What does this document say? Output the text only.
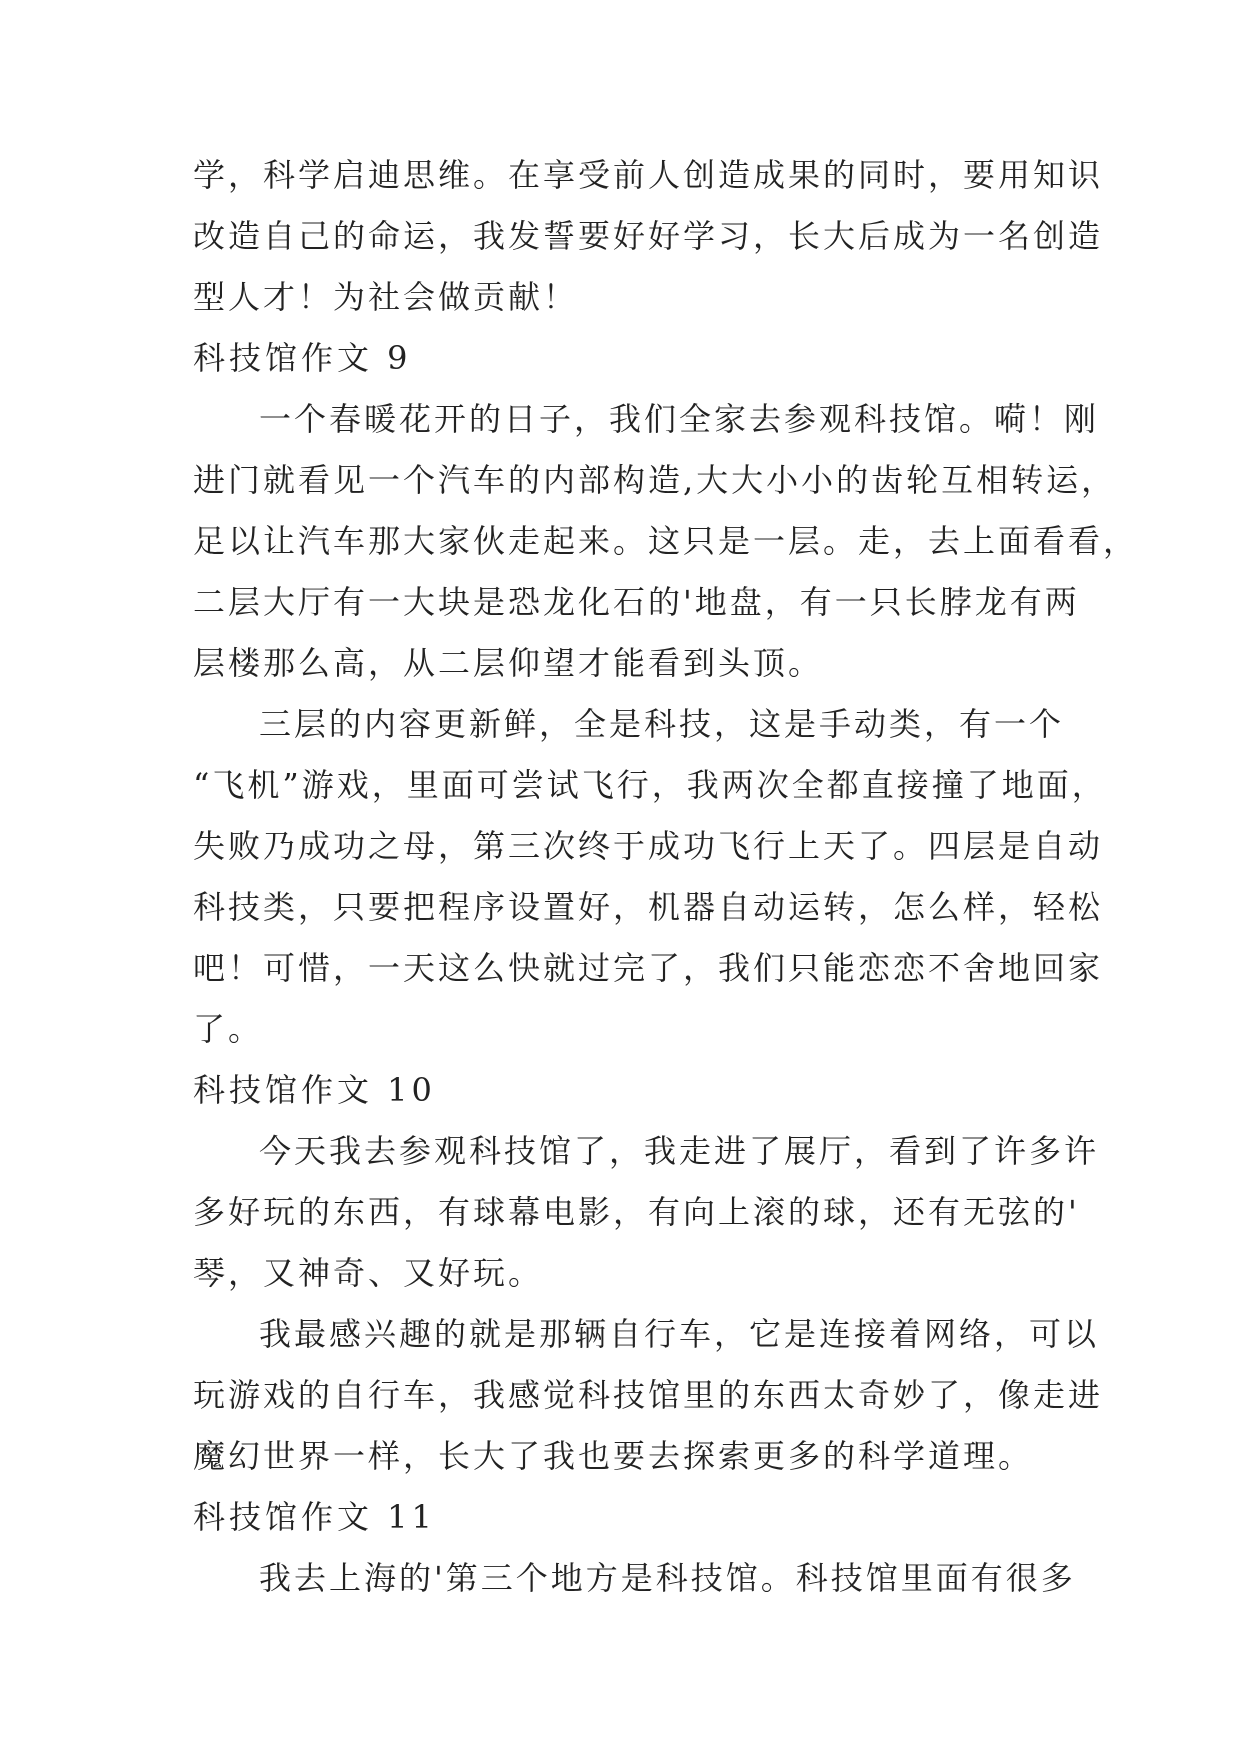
学，科学启迪思维。在享受前人创造成果的同时，要用知识
改造自己的命运，我发誓要好好学习，长大后成为一名创造
型人才！为社会做贡献！
科技馆作文 9
一个春暖花开的日子，我们全家去参观科技馆。嗬！刚
进门就看见一个汽车的内部构造,大大小小的齿轮互相转运，
足以让汽车那大家伙走起来。这只是一层。走，去上面看看，
二层大厅有一大块是恐龙化石的'地盘，有一只长脖龙有两
层楼那么高，从二层仰望才能看到头顶。
三层的内容更新鲜，全是科技，这是手动类，有一个
“飞机”游戏，里面可尝试飞行，我两次全都直接撞了地面，
失败乃成功之母，第三次终于成功飞行上天了。四层是自动
科技类，只要把程序设置好，机器自动运转，怎么样，轻松
吧！可惜，一天这么快就过完了，我们只能恋恋不舍地回家
了。
科技馆作文 10
今天我去参观科技馆了，我走进了展厅，看到了许多许
多好玩的东西，有球幕电影，有向上滚的球，还有无弦的'
琴，又神奇、又好玩。
我最感兴趣的就是那辆自行车，它是连接着网络，可以
玩游戏的自行车，我感觉科技馆里的东西太奇妙了，像走进
魔幻世界一样，长大了我也要去探索更多的科学道理。
科技馆作文 11
我去上海的'第三个地方是科技馆。科技馆里面有很多
